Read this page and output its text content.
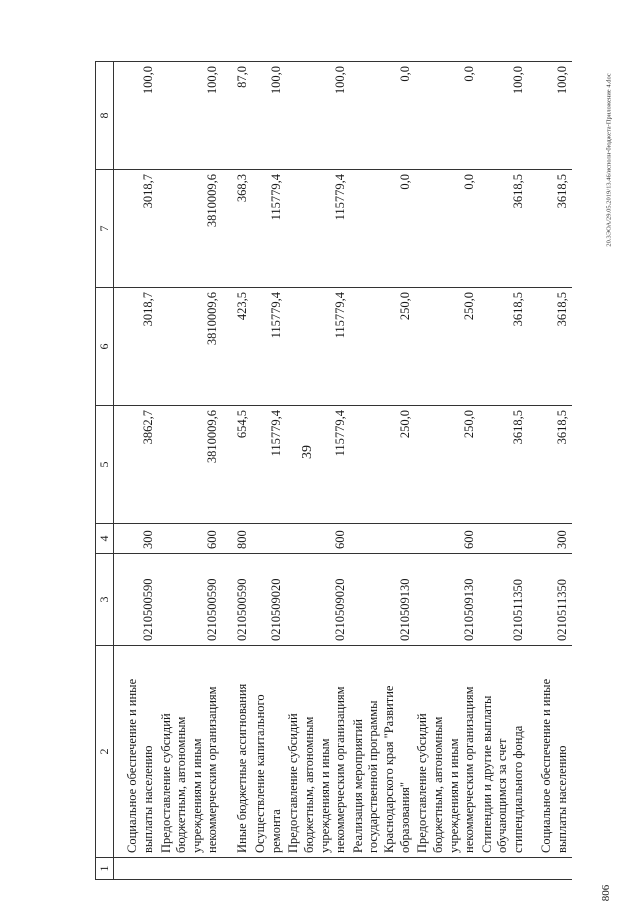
39
20.3ЭОА/29.05.2019/13.46/исполн-бюджета-Приложение 4.doc
806
1	2	3	4	5	6	7	8
	Социальное обеспечение и иные выплаты населению	0210500590	300	3862,7	3018,7	3018,7	100,0
	Предоставление субсидий бюджетным, автономным учреждениям и иным некоммерческим организациям	0210500590	600	3810009,6	3810009,6	3810009,6	100,0
	Иные бюджетные ассигнования	0210500590	800	654,5	423,5	368,3	87,0
	Осуществление капитального ремонта	0210509020		115779,4	115779,4	115779,4	100,0
	Предоставление субсидий бюджетным, автономным учреждениям и иным некоммерческим организациям	0210509020	600	115779,4	115779,4	115779,4	100,0
	Реализация мероприятий государственной программы Краснодарского края "Развитие образования"	0210509130		250,0	250,0	0,0	0,0
	Предоставление субсидий бюджетным, автономным учреждениям и иным некоммерческим организациям	0210509130	600	250,0	250,0	0,0	0,0
	Стипендии и другие выплаты обучающимся за счет стипендиального фонда	0210511350		3618,5	3618,5	3618,5	100,0
	Социальное обеспечение и иные выплаты населению	0210511350	300	3618,5	3618,5	3618,5	100,0
